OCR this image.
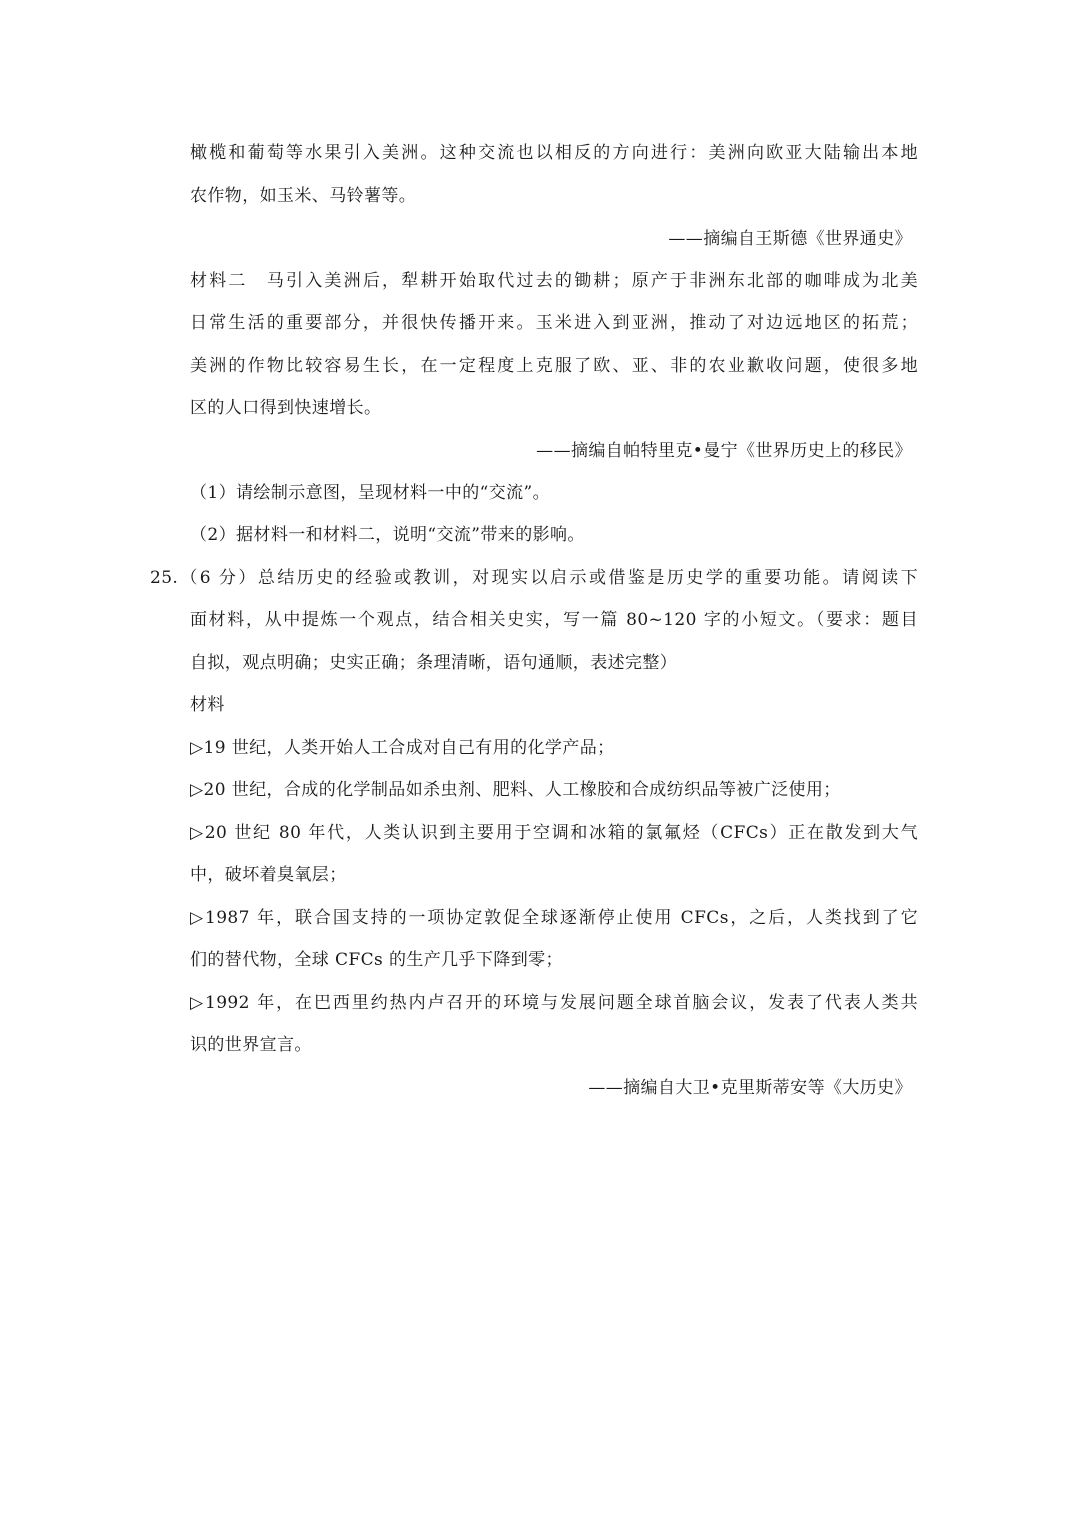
橄榄和葡萄等水果引入美洲。这种交流也以相反的方向进行：美洲向欧亚大陆输出本地
农作物，如玉米、马铃薯等。
——摘编自王斯德《世界通史》
材料二　马引入美洲后，犁耕开始取代过去的锄耕；原产于非洲东北部的咖啡成为北美
日常生活的重要部分，并很快传播开来。玉米进入到亚洲，推动了对边远地区的拓荒；
美洲的作物比较容易生长，在一定程度上克服了欧、亚、非的农业歉收问题，使很多地
区的人口得到快速增长。
——摘编自帕特里克•曼宁《世界历史上的移民》
（1）请绘制示意图，呈现材料一中的“交流”。
（2）据材料一和材料二，说明“交流”带来的影响。
25.（6 分）总结历史的经验或教训，对现实以启示或借鉴是历史学的重要功能。请阅读下
面材料，从中提炼一个观点，结合相关史实，写一篇 80~120 字的小短文。（要求：题目
自拟，观点明确；史实正确；条理清晰，语句通顺，表述完整）
材料
▷19 世纪，人类开始人工合成对自己有用的化学产品；
▷20 世纪，合成的化学制品如杀虫剂、肥料、人工橡胶和合成纺织品等被广泛使用；
▷20 世纪 80 年代，人类认识到主要用于空调和冰箱的氯氟烃（CFCs）正在散发到大气
中，破坏着臭氧层；
▷1987 年，联合国支持的一项协定敦促全球逐渐停止使用 CFCs，之后，人类找到了它
们的替代物，全球 CFCs 的生产几乎下降到零；
▷1992 年，在巴西里约热内卢召开的环境与发展问题全球首脑会议，发表了代表人类共
识的世界宣言。
——摘编自大卫•克里斯蒂安等《大历史》
